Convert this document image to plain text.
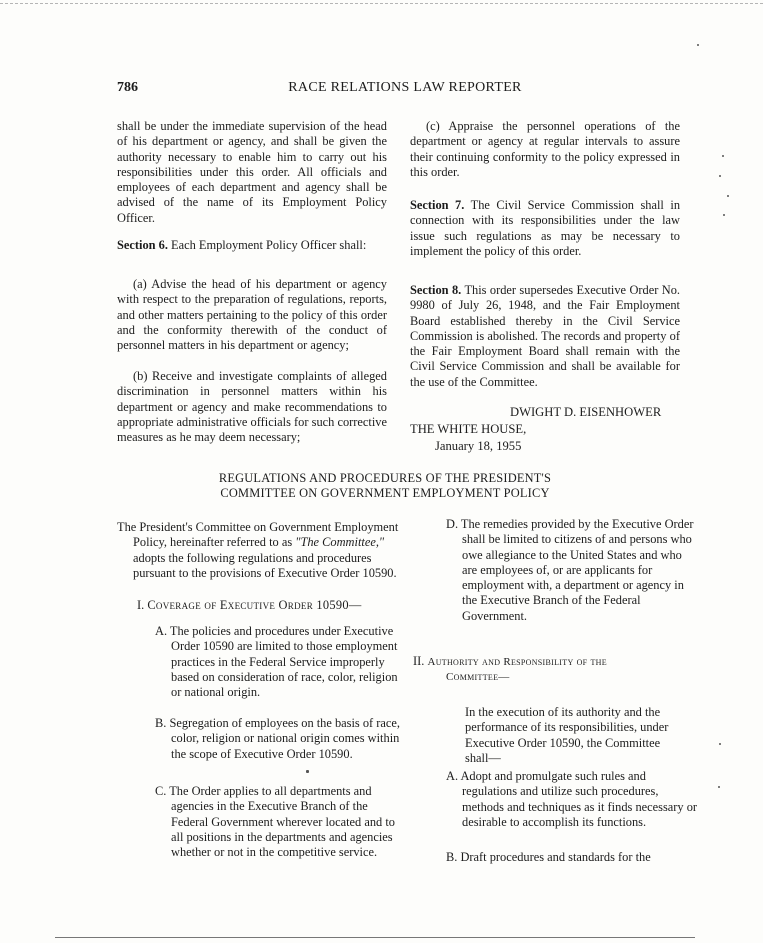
786	RACE RELATIONS LAW REPORTER

shall be under the immediate supervision of the head of his department or agency, and shall be given the authority necessary to enable him to carry out his responsibilities under this order. All officials and employees of each department and agency shall be advised of the name of its Employment Policy Officer.

Section 6. Each Employment Policy Officer shall:

(a) Advise the head of his department or agency with respect to the preparation of regulations, reports, and other matters pertaining to the policy of this order and the conformity therewith of the conduct of personnel matters in his department or agency;

(b) Receive and investigate complaints of alleged discrimination in personnel matters within his department or agency and make recommendations to appropriate administrative officials for such corrective measures as he may deem necessary;

(c) Appraise the personnel operations of the department or agency at regular intervals to assure their continuing conformity to the policy expressed in this order.

Section 7. The Civil Service Commission shall in connection with its responsibilities under the law issue such regulations as may be necessary to implement the policy of this order.

Section 8. This order supersedes Executive Order No. 9980 of July 26, 1948, and the Fair Employment Board established thereby in the Civil Service Commission is abolished. The records and property of the Fair Employment Board shall remain with the Civil Service Commission and shall be available for the use of the Committee.

DWIGHT D. EISENHOWER
THE WHITE HOUSE,
January 18, 1955
REGULATIONS AND PROCEDURES OF THE PRESIDENT'S
COMMITTEE ON GOVERNMENT EMPLOYMENT POLICY

The President's Committee on Government Employment Policy, hereinafter referred to as "The Committee," adopts the following regulations and procedures pursuant to the provisions of Executive Order 10590.

I. Coverage of Executive Order 10590—

A. The policies and procedures under Executive Order 10590 are limited to those employment practices in the Federal Service improperly based on consideration of race, color, religion or national origin.

B. Segregation of employees on the basis of race, color, religion or national origin comes within the scope of Executive Order 10590.

C. The Order applies to all departments and agencies in the Executive Branch of the Federal Government wherever located and to all positions in the departments and agencies whether or not in the competitive service.

D. The remedies provided by the Executive Order shall be limited to citizens of and persons who owe allegiance to the United States and who are employees of, or are applicants for employment with, a department or agency in the Executive Branch of the Federal Government.

II. Authority and Responsibility of the
Committee—

In the execution of its authority and the performance of its responsibilities, under Executive Order 10590, the Committee shall—

A. Adopt and promulgate such rules and regulations and utilize such procedures, methods and techniques as it finds necessary or desirable to accomplish its functions.

B. Draft procedures and standards for the
